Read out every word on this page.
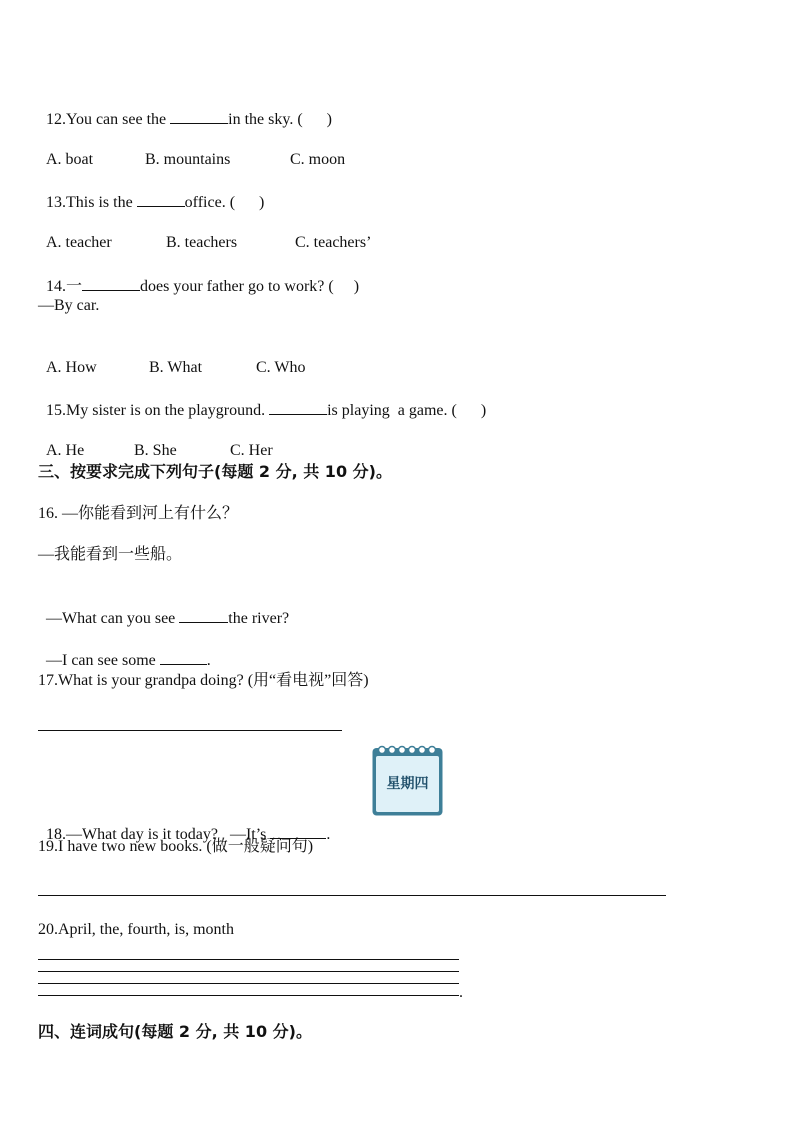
12.You can see the	in the sky. (      )

A. boat	B. mountains	C. moon

13.This is the	office. (      )

A. teacher	B. teachers	C. teachers’

14.一	does your father go to work? (     )

—By car.

A. How	B. What	C. Who

15.My sister is on the playground.	is playing  a game. (      )

A. He	B. She	C. Her

三、按要求完成下列句子(每题 2 分, 共 10 分)。
16. —你能看到河上有什么？
—我能看到一些船。

—What can you see	the river?

—I can see some	.

17.What is your grandpa doing? (用“看电视”回答)
星期四

18.—What day is it today?   —It’s	.

19.I have two new books. (做一般疑问句)
20.April, the, fourth, is, month
.
四、连词成句(每题 2 分, 共 10 分)。
